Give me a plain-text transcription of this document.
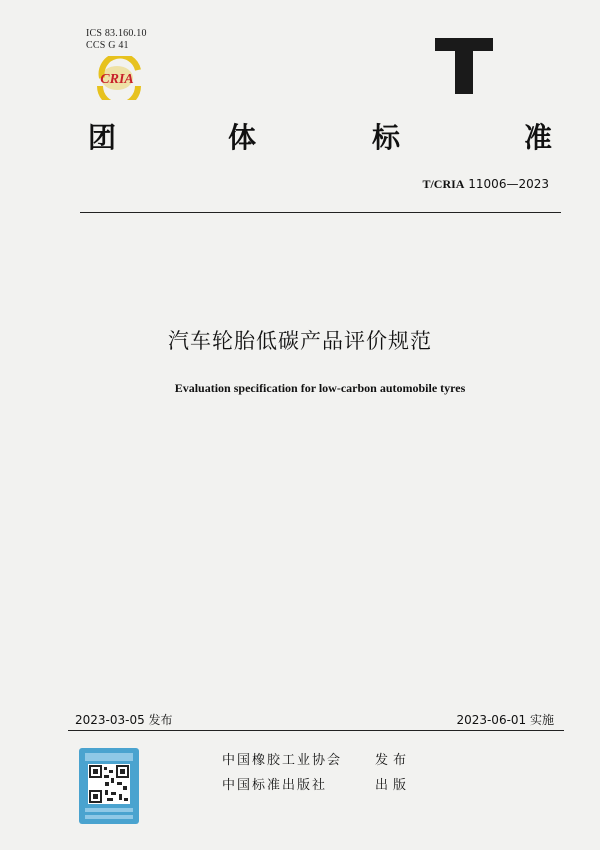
ICS 83.160.10
CCS G 41
CRIA
T
团	体	标	准
T/CRIA 11006—2023
汽车轮胎低碳产品评价规范
Evaluation specification for low-carbon automobile tyres
2023-03-05 发布	2023-06-01 实施
中国橡胶工业协会	发布
中国标准出版社	出版
